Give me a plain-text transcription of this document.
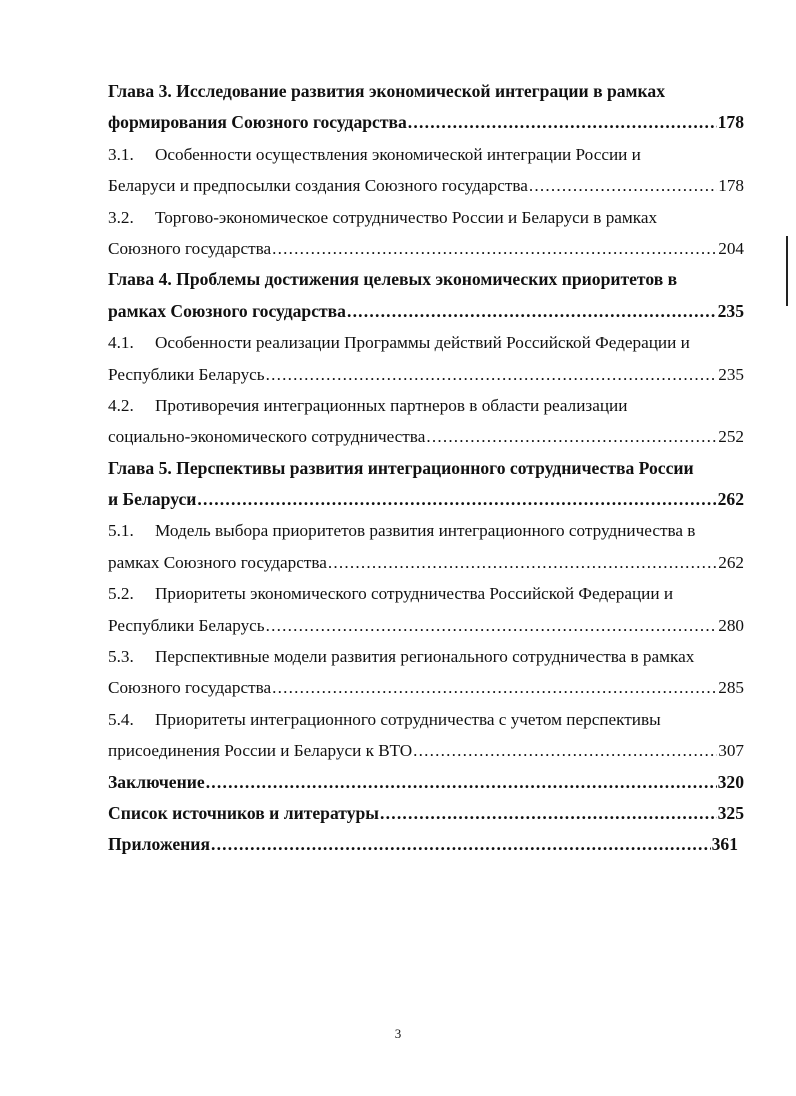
Глава 3. Исследование развития экономической интеграции в рамках
формирования Союзного государства .....	178
3.1.	Особенности осуществления экономической интеграции России и
Беларуси и предпосылки создания Союзного государства .....	178
3.2.	Торгово-экономическое сотрудничество России и Беларуси в рамках
Союзного государства .....	204
Глава 4. Проблемы достижения целевых экономических приоритетов в
рамках Союзного государства .....	235
4.1.	Особенности реализации Программы действий Российской Федерации и
Республики Беларусь .....	235
4.2.	Противоречия интеграционных партнеров в области реализации
социально-экономического сотрудничества .....	252
Глава 5. Перспективы развития интеграционного сотрудничества России
и Беларуси .....	262
5.1.	Модель выбора приоритетов развития интеграционного сотрудничества в
рамках Союзного государства .....	262
5.2.	Приоритеты экономического сотрудничества Российской Федерации и
Республики Беларусь .....	280
5.3.	Перспективные модели развития регионального сотрудничества в рамках
Союзного государства .....	285
5.4.	Приоритеты интеграционного сотрудничества с учетом перспективы
присоединения России и Беларуси к ВТО .....	307
Заключение .....	320
Список источников и литературы .....	325
Приложения .....	361
3
